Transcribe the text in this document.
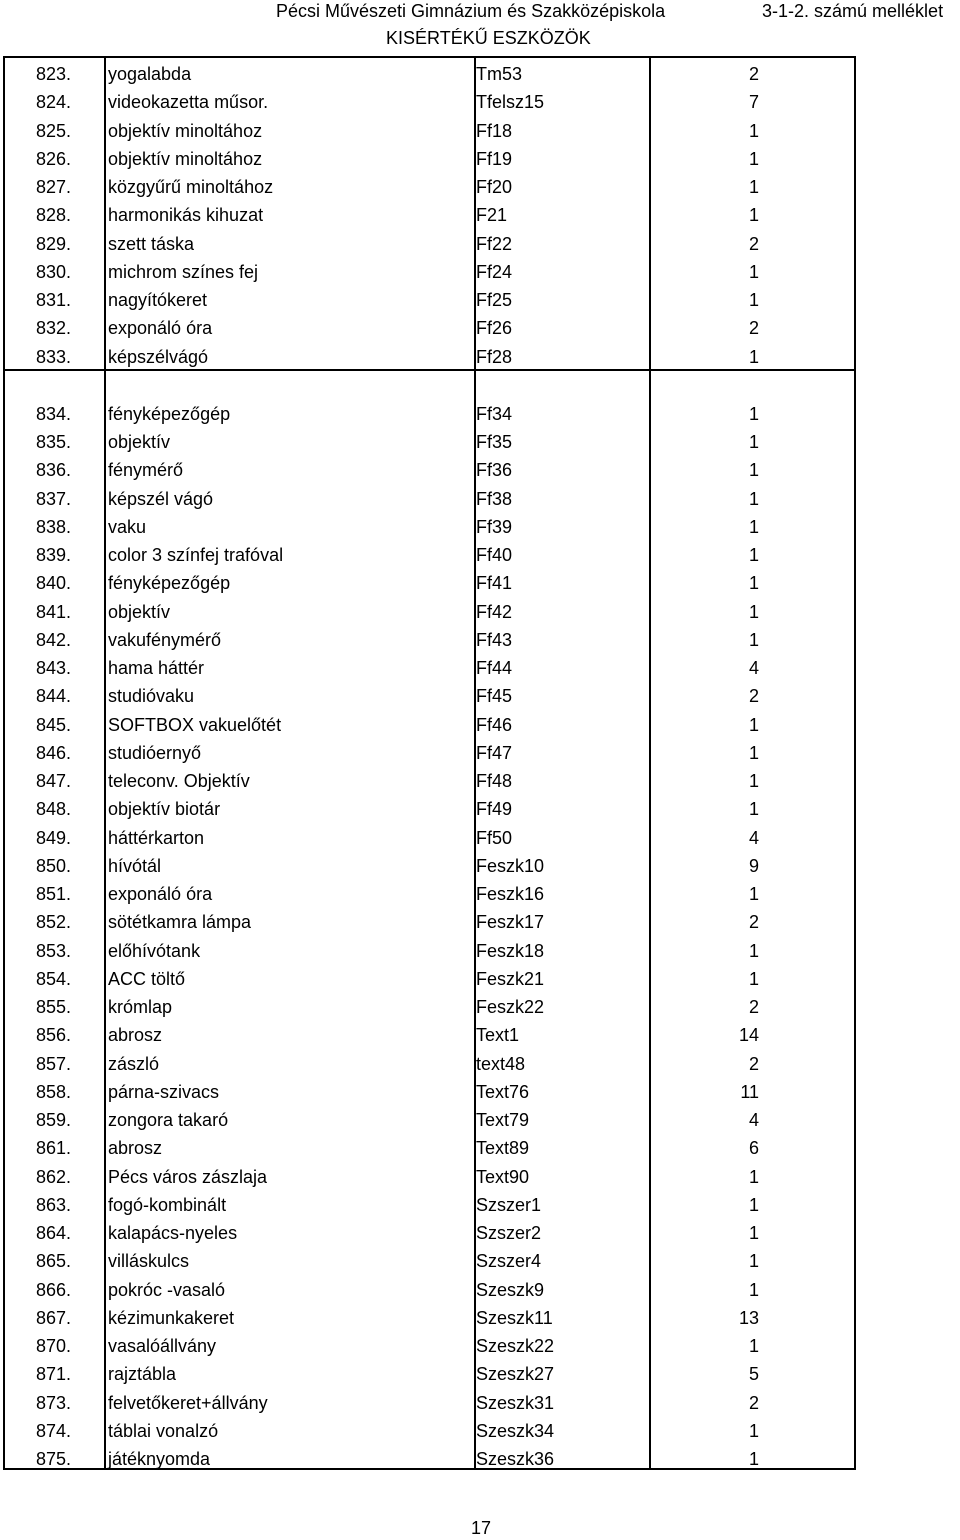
Pécsi Művészeti Gimnázium és Szakközépiskola	3-1-2. számú melléklet
KISÉRTÉKŰ ESZKÖZÖK
823. yogalabda	Tm53	2
824. videokazetta műsor.	Tfelsz15	7
825. objektív minoltához	Ff18	1
826. objektív minoltához	Ff19	1
827. közgyűrű minoltához	Ff20	1
828. harmonikás kihuzat	F21	1
829. szett táska	Ff22	2
830. michrom színes fej	Ff24	1
831. nagyítókeret	Ff25	1
832. exponáló óra	Ff26	2
833. képszélvágó	Ff28	1
834. fényképezőgép	Ff34	1
835. objektív	Ff35	1
836. fénymérő	Ff36	1
837. képszél vágó	Ff38	1
838. vaku	Ff39	1
839. color 3 színfej trafóval	Ff40	1
840. fényképezőgép	Ff41	1
841. objektív	Ff42	1
842. vakufénymérő	Ff43	1
843. hama háttér	Ff44	4
844. studióvaku	Ff45	2
845. SOFTBOX vakuelőtét	Ff46	1
846. studióernyő	Ff47	1
847. teleconv. Objektív	Ff48	1
848. objektív biotár	Ff49	1
849. háttérkarton	Ff50	4
850. hívótál	Feszk10	9
851. exponáló óra	Feszk16	1
852. sötétkamra lámpa	Feszk17	2
853. előhívótank	Feszk18	1
854. ACC töltő	Feszk21	1
855. krómlap	Feszk22	2
856. abrosz	Text1	14
857. zászló	text48	2
858. párna-szivacs	Text76	11
859. zongora takaró	Text79	4
861. abrosz	Text89	6
862. Pécs város zászlaja	Text90	1
863. fogó-kombinált	Szszer1	1
864. kalapács-nyeles	Szszer2	1
865. villáskulcs	Szszer4	1
866. pokróc -vasaló	Szeszk9	1
867. kézimunkakeret	Szeszk11	13
870. vasalóállvány	Szeszk22	1
871. rajztábla	Szeszk27	5
873. felvetőkeret+állvány	Szeszk31	2
874. táblai vonalzó	Szeszk34	1
875. játéknyomda	Szeszk36	1
17
